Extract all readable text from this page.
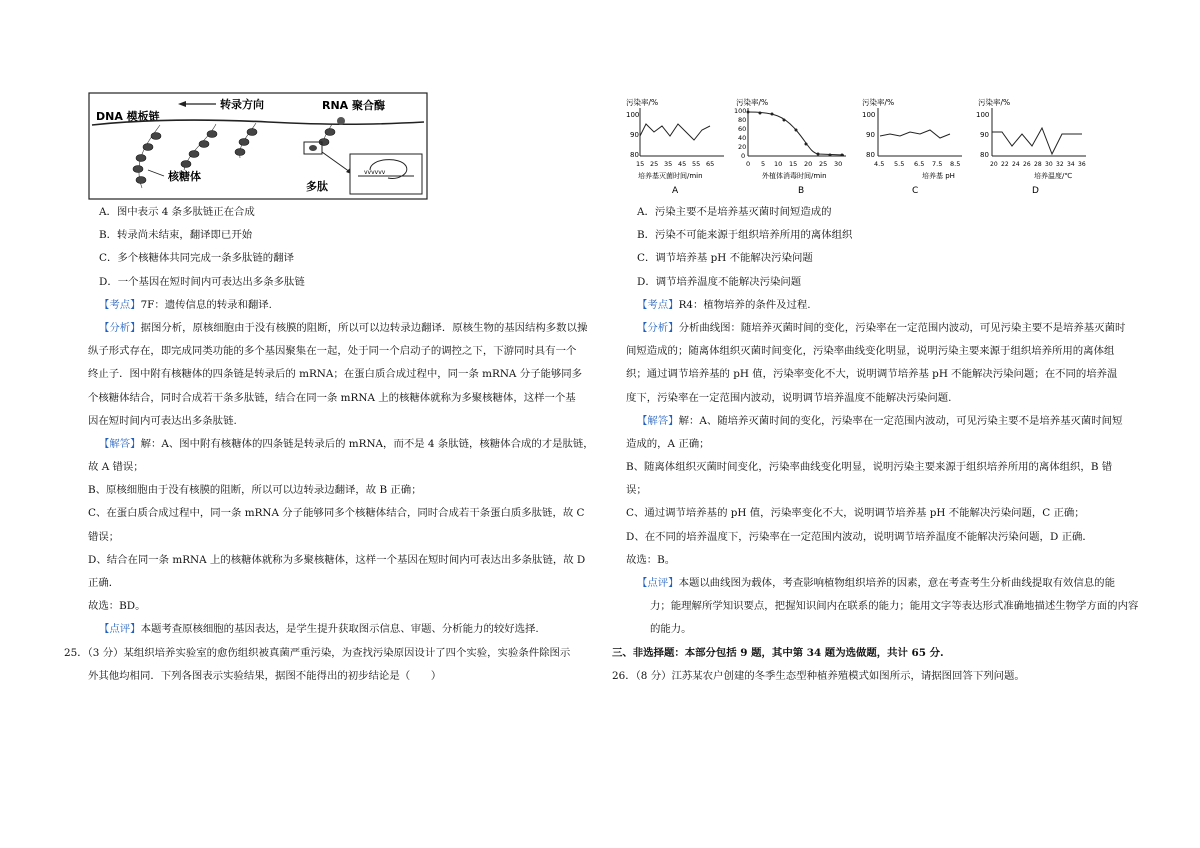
转录方向	RNA 聚合酶
DNA 模板链
核糖体	vvvvvv
多肽
污染率/%
100
90
80
15 25 35 45 55 65
培养基灭菌时间/min
A
污染率/%
100
80
60
40
20
0
0 5 10 15 20 25 30
外植体消毒时间/min
B
污染率/%
100
90
80
4.5 5.5 6.5 7.5 8.5
培养基 pH
C
污染率/%
100
90
80
20 22 24 26 28 30 32 34 36
培养温度/℃
D
A．图中表示 4 条多肽链正在合成
B．转录尚未结束，翻译即已开始
C．多个核糖体共同完成一条多肽链的翻译
D．一个基因在短时间内可表达出多条多肽链
【考点】7F：遗传信息的转录和翻译.
【分析】据图分析，原核细胞由于没有核膜的阻断，所以可以边转录边翻译．原核生物的基因结构多数以操
纵子形式存在，即完成同类功能的多个基因聚集在一起，处于同一个启动子的调控之下，下游同时具有一个
终止子．图中附有核糖体的四条链是转录后的 mRNA；在蛋白质合成过程中，同一条 mRNA 分子能够同多
个核糖体结合，同时合成若干条多肽链，结合在同一条 mRNA 上的核糖体就称为多聚核糖体，这样一个基
因在短时间内可表达出多条肽链.
【解答】解：A、图中附有核糖体的四条链是转录后的 mRNA，而不是 4 条肽链，核糖体合成的才是肽链，
故 A 错误；
B、原核细胞由于没有核膜的阻断，所以可以边转录边翻译，故 B 正确；
C、在蛋白质合成过程中，同一条 mRNA 分子能够同多个核糖体结合，同时合成若干条蛋白质多肽链，故 C
错误；
D、结合在同一条 mRNA 上的核糖体就称为多聚核糖体，这样一个基因在短时间内可表达出多条肽链，故 D
正确．
故选：BD。
【点评】本题考查原核细胞的基因表达，是学生提升获取图示信息、审题、分析能力的较好选择.
25．（3 分）某组织培养实验室的愈伤组织被真菌严重污染，为查找污染原因设计了四个实验，实验条件除图示
外其他均相同．下列各图表示实验结果，据图不能得出的初步结论是（　　）
A．污染主要不是培养基灭菌时间短造成的
B．污染不可能来源于组织培养所用的离体组织
C．调节培养基 pH 不能解决污染问题
D．调节培养温度不能解决污染问题
【考点】R4：植物培养的条件及过程.
【分析】分析曲线图：随培养灭菌时间的变化，污染率在一定范围内波动，可见污染主要不是培养基灭菌时
间短造成的；随离体组织灭菌时间变化，污染率曲线变化明显，说明污染主要来源于组织培养所用的离体组
织；通过调节培养基的 pH 值，污染率变化不大，说明调节培养基 pH 不能解决污染问题；在不同的培养温
度下，污染率在一定范围内波动，说明调节培养温度不能解决污染问题.
【解答】解：A、随培养灭菌时间的变化，污染率在一定范围内波动，可见污染主要不是培养基灭菌时间短
造成的，A 正确；
B、随离体组织灭菌时间变化，污染率曲线变化明显，说明污染主要来源于组织培养所用的离体组织，B 错
误；
C、通过调节培养基的 pH 值，污染率变化不大，说明调节培养基 pH 不能解决污染问题，C 正确；
D、在不同的培养温度下，污染率在一定范围内波动，说明调节培养温度不能解决污染问题，D 正确．
故选：B。
【点评】本题以曲线图为载体，考查影响植物组织培养的因素，意在考查考生分析曲线提取有效信息的能
力；能理解所学知识要点，把握知识间内在联系的能力；能用文字等表达形式准确地描述生物学方面的内容
的能力。
三、非选择题：本部分包括 9 题，其中第 34 题为选做题，共计 65 分.
26．（8 分）江苏某农户创建的冬季生态型种植养殖模式如图所示，请据图回答下列问题。
